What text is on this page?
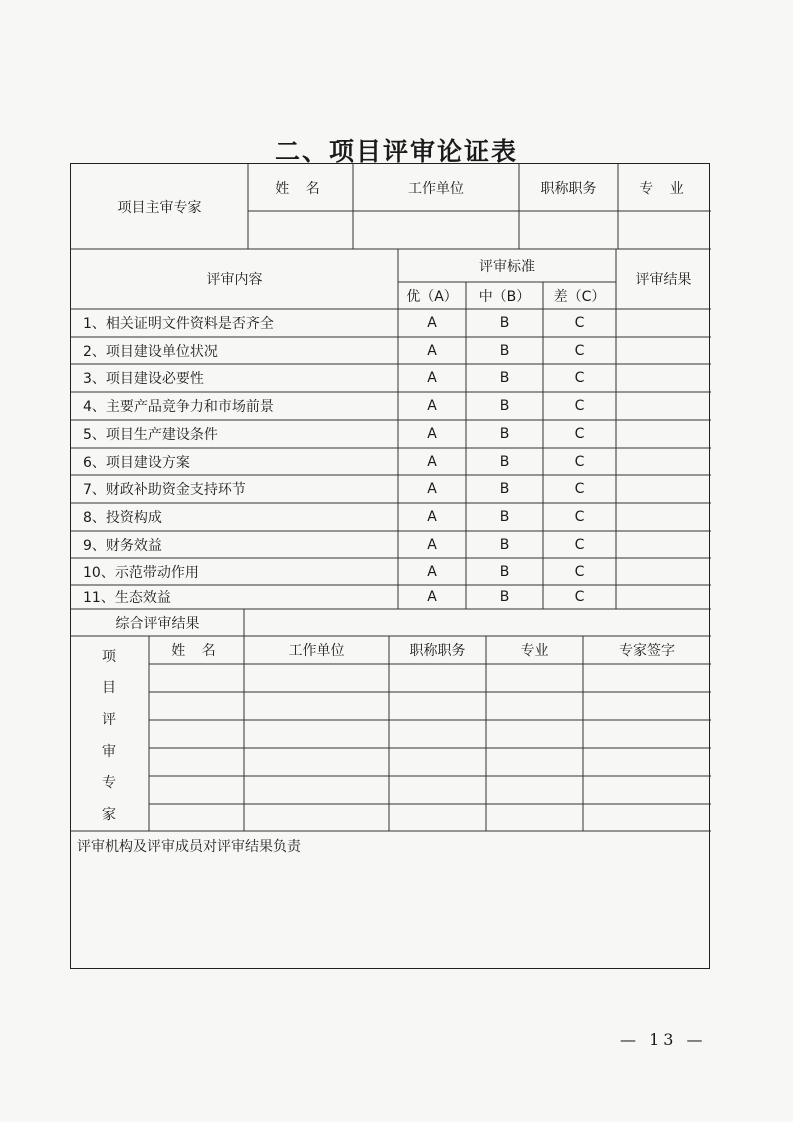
二、项目评审论证表
项目主审专家
姓 名	工作单位	职称职务	专 业
评审内容
评审标准
评审结果
优（A）	中（B）	差（C）
1、相关证明文件资料是否齐全	A	B	C
2、项目建设单位状况	A	B	C
3、项目建设必要性	A	B	C
4、主要产品竞争力和市场前景	A	B	C
5、项目生产建设条件	A	B	C
6、项目建设方案	A	B	C
7、财政补助资金支持环节	A	B	C
8、投资构成	A	B	C
9、财务效益	A	B	C
10、示范带动作用	A	B	C
11、生态效益	A	B	C
综合评审结果
姓 名	工作单位	职称职务	专业	专家签字
评审机构及评审成员对评审结果负责
项
目
评
审
专
家
— 13 —
